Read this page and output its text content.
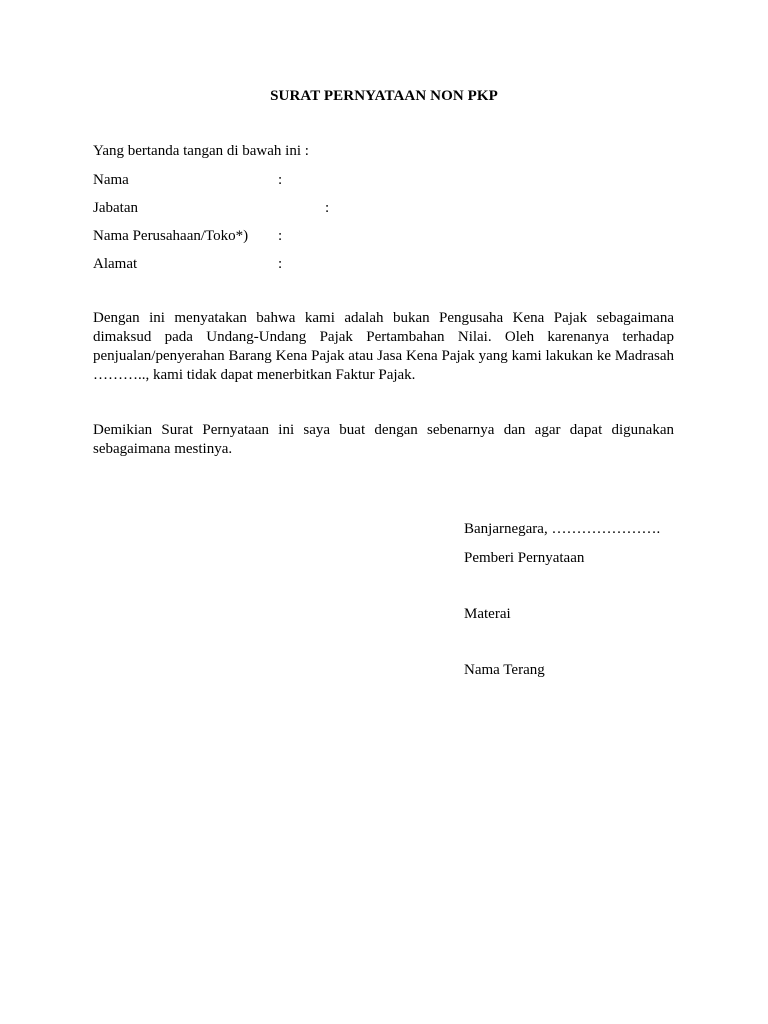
SURAT PERNYATAAN NON PKP
Yang bertanda tangan di bawah ini :
Nama	:
Jabatan	:
Nama Perusahaan/Toko*) :
Alamat	:
Dengan ini menyatakan bahwa kami adalah bukan Pengusaha Kena Pajak sebagaimana dimaksud pada Undang-Undang Pajak Pertambahan Nilai. Oleh karenanya terhadap penjualan/penyerahan Barang Kena Pajak atau Jasa Kena Pajak yang kami lakukan ke Madrasah ……….., kami tidak dapat menerbitkan Faktur Pajak.
Demikian Surat Pernyataan ini saya buat dengan sebenarnya dan agar dapat digunakan sebagaimana mestinya.
Banjarnegara, ………………….
Pemberi Pernyataan
Materai
Nama Terang
